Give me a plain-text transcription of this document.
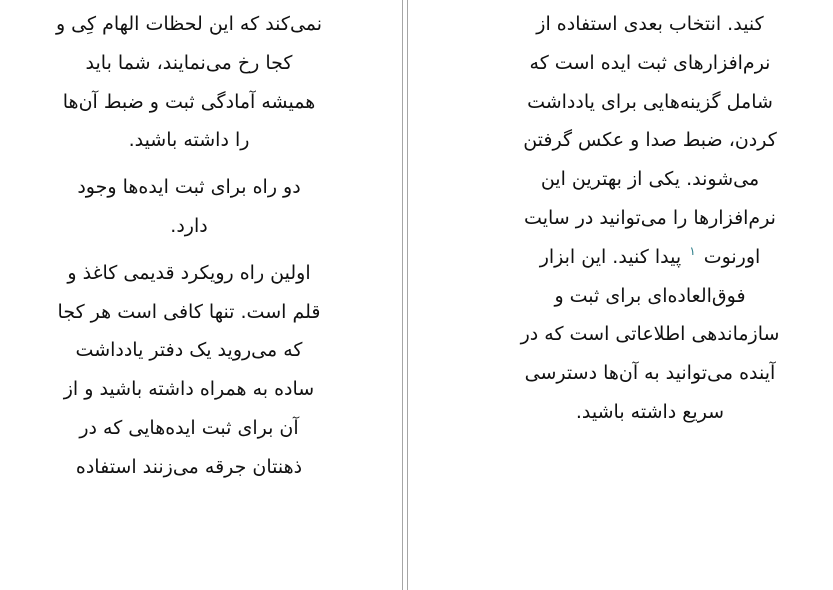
نمی‌کند که این لحظات الهام کِی و
کجا رخ می‌نمایند، شما باید
همیشه آمادگی ثبت و ضبط آن‌ها
را داشته باشید.
دو راه برای ثبت ایده‌ها وجود
دارد.
اولین راه رویکرد قدیمی کاغذ و
قلم است. تنها کافی است هر کجا
که می‌روید یک دفتر یادداشت
ساده به همراه داشته باشید و از
آن برای ثبت ایده‌هایی که در
ذهنتان جرقه می‌زنند استفاده
کنید. انتخاب بعدی استفاده از
نرم‌افزارهای ثبت ایده است که
شامل گزینه‌هایی برای یادداشت
کردن، ضبط صدا و عکس گرفتن
می‌شوند. یکی از بهترین این
نرم‌افزارها را می‌توانید در سایت
اورنوت $^۱$ پیدا کنید. این ابزار
فوق‌العاده‌ای برای ثبت و
سازماندهی اطلاعاتی است که در
آینده می‌توانید به آن‌ها دسترسی
سریع داشته باشید.
